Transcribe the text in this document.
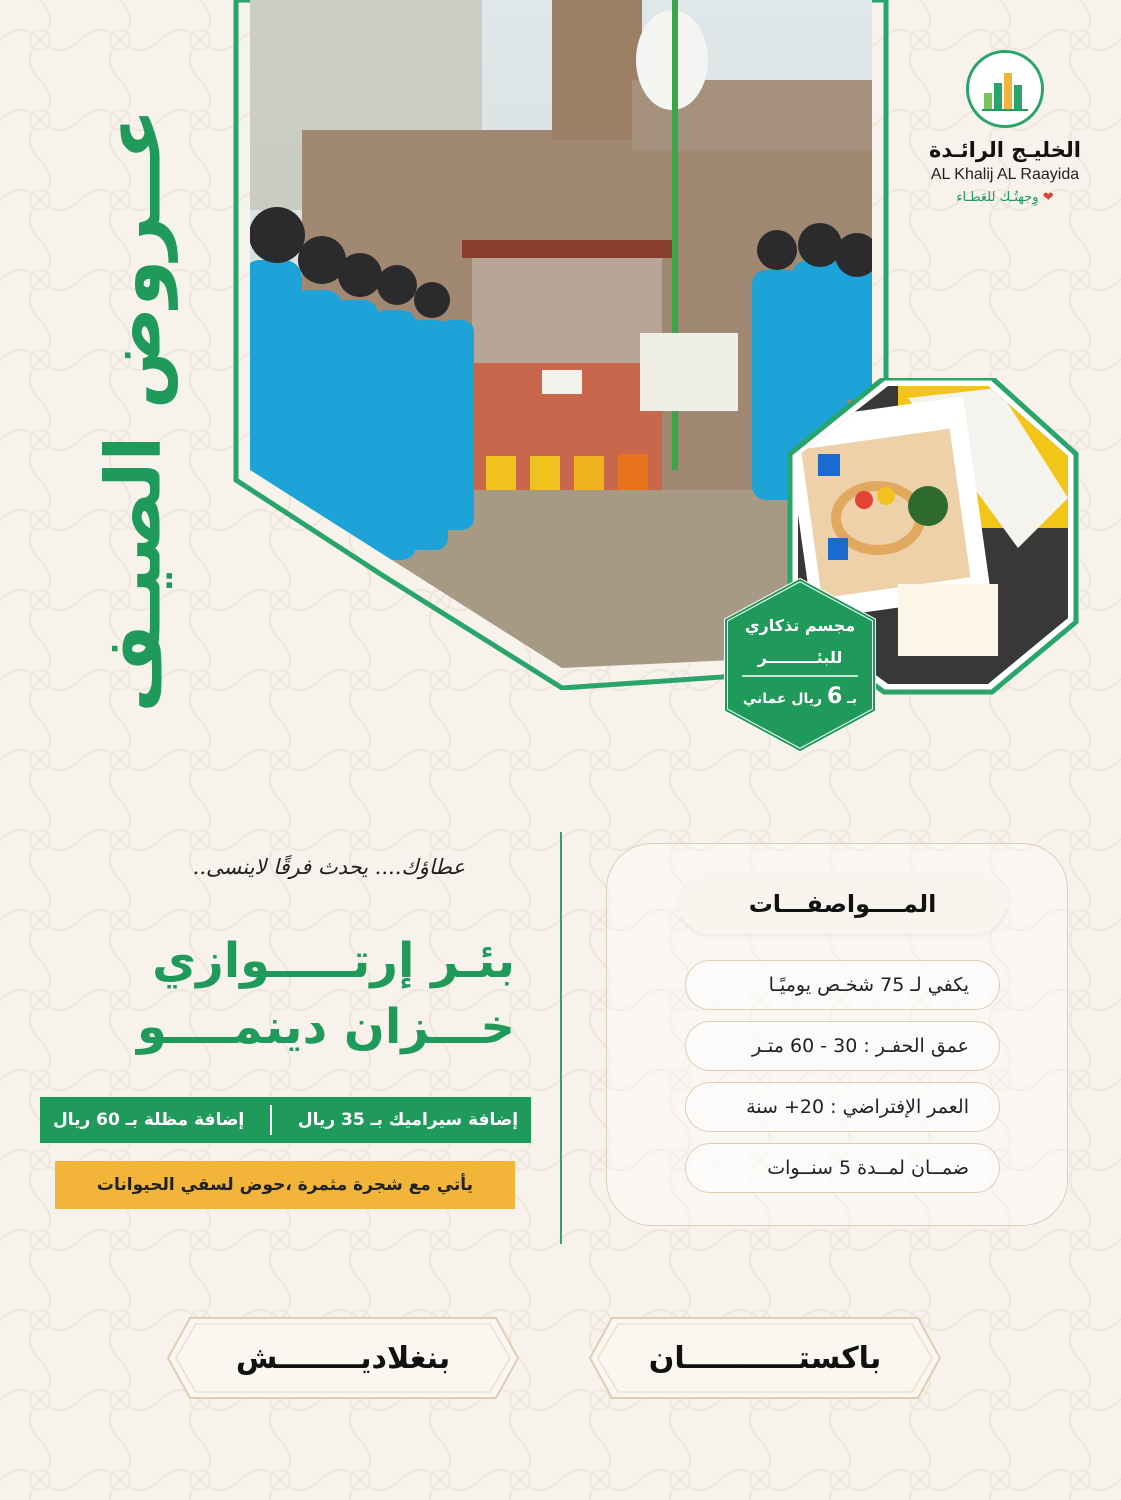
عــروض الصيـف	الخليـج الرائـدة
AL Khalij AL Raayida
❤ وِجهتُـك للعَطـاء
مجسم تذكاري
للبئـــــــــر
بـ 6 ريال عماني
عطاؤك.... يحدث فرقًا لاينسى..
بئـر إرتـــــوازي
خـــزان دينمــــو
إضافة سيراميك بـ 35 ريال
إضافة مظلة بـ 60 ريال
يأتي مع شجرة مثمرة ،حوض لسقي الحيوانات
المــــواصفـــات
يكفي لـ 75 شخـص يوميًـا
عمق الحفـر : 30 - 60 متـر
العمر الإفتراضي : 20+ سنة
ضمــان لمــدة 5 سنــوات
باكستـــــــــــان
بنغلاديــــــــش
